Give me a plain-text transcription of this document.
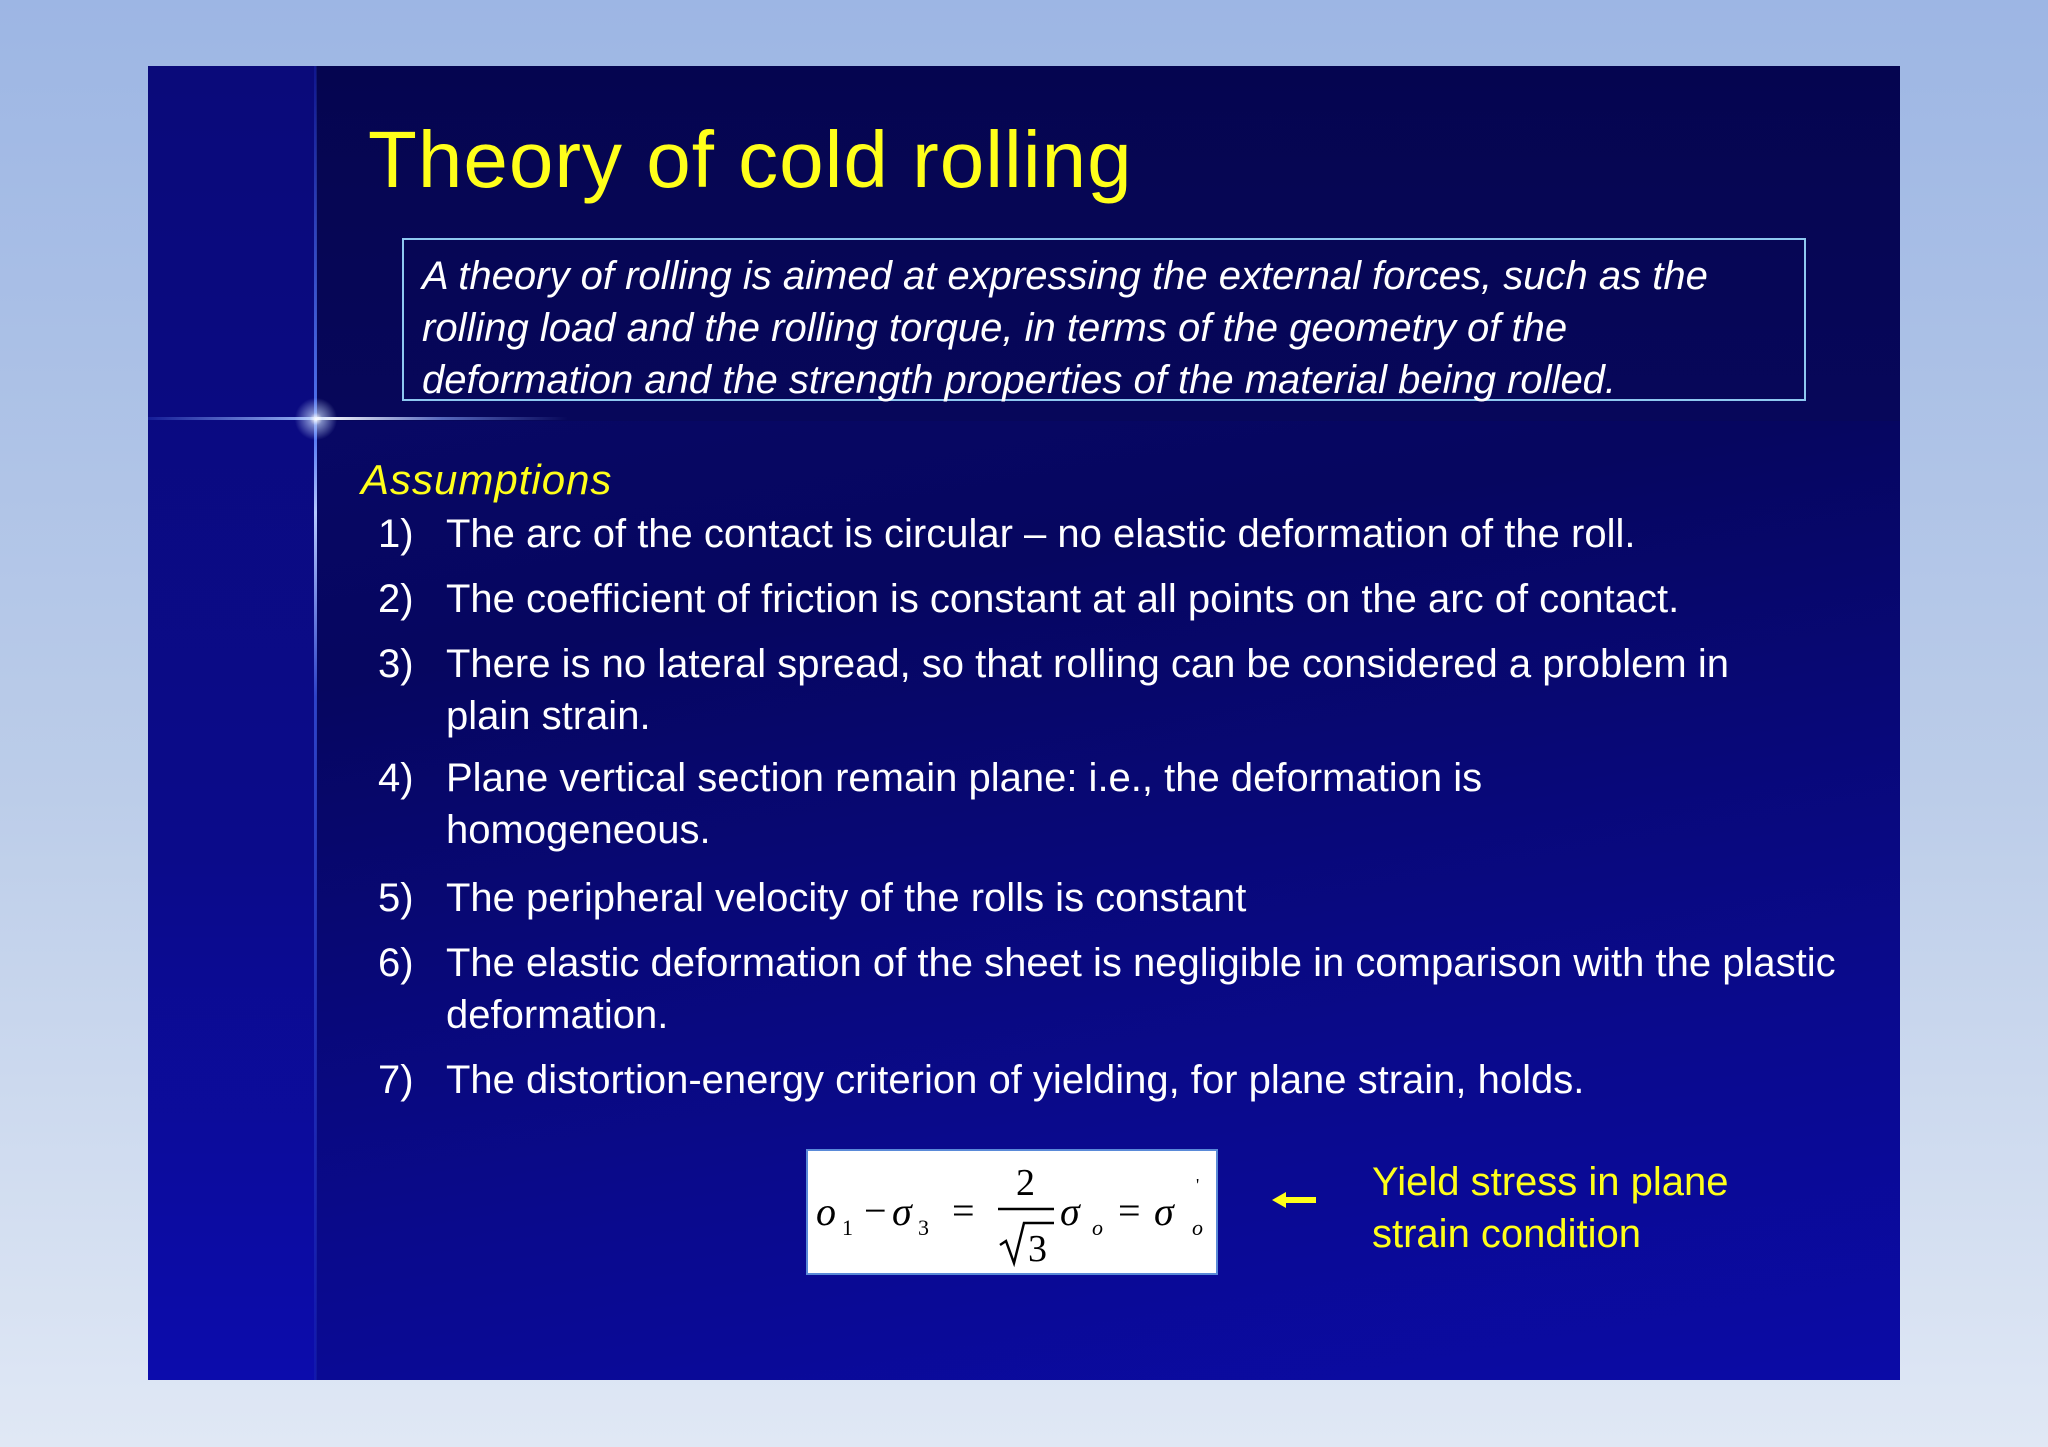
Theory of cold rolling
A theory of rolling is aimed at expressing the external forces, such as the rolling load and the rolling torque, in terms of the geometry of the deformation and the strength properties of the material being rolled.
Assumptions
1) The arc of the contact is circular – no elastic deformation of the roll.
2) The coefficient of friction is constant at all points on the arc of contact.
3) There is no lateral spread, so that rolling can be considered a problem in plain strain.
4) Plane vertical section remain plane: i.e., the deformation is homogeneous.
5) The peripheral velocity of the rolls is constant
6) The elastic deformation of the sheet is negligible in comparison with the plastic deformation.
7) The distortion-energy criterion of yielding, for plane strain, holds.
o 1 − σ 3 =
2
3
σ o = σ
'
o
Yield stress in plane strain condition
